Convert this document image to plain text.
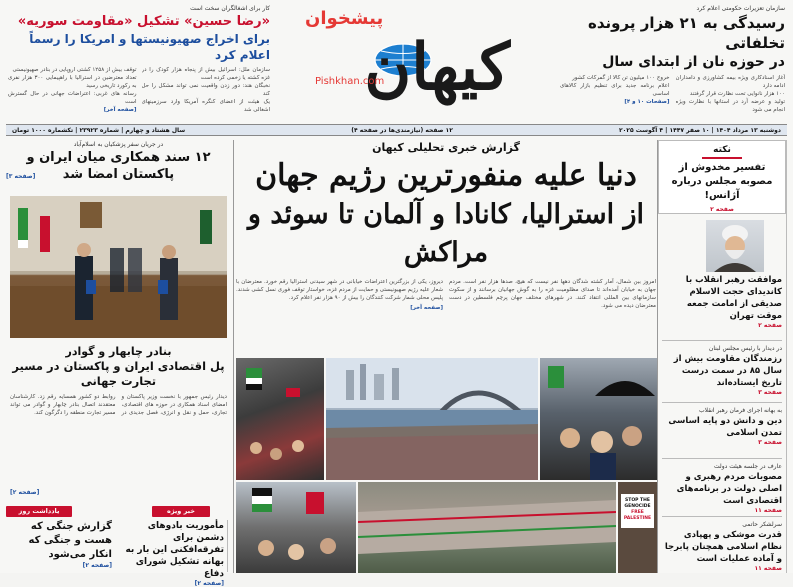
سازمان تعزیرات حکومتی اعلام کرد
رسیدگی به ۲۱ هزار پرونده تخلفاتی
در حوزه نان از ابتدای سال
آغاز اسنادکاری ویژه بیمه کشاورزی و دامداران ادامه دارد
۱۰۰ هزار نانوایی تحت نظارت قرار گرفتند
تولید و عرضه آرد در استانها با نظارت ویژه انجام می شود
خروج ۱۰۰ میلیون تن کالا از گمرکات کشور
اعلام برنامه جدید برای تنظیم بازار کالاهای اساسی
[صفحات ۱۰ و ۴]
کیهان
پیشخوان
Pishkhan.com
کار برای اشغالگران سخت است
«رضا حسین» تشکیل «مقاومت سوریه»
برای اخراج صهیونیستها و امریکا را رسماً اعلام کرد
سازمان ملل: اسرائیل بیش از پنجاه هزار کودک را در غزه کشته یا زخمی کرده است
نخبگان هند: دور زدن واقعیت نمی تواند مشکل را حل کند
یک هیئت از اعضای کنگره آمریکا وارد سرزمینهای اشغالی شد
توقف بیش از ۱۲۵۸ کشتی اروپایی در بنادر صهیونیستی
تعداد معترضین در استرالیا با راهپیمایی ۳۰۰ هزار نفری به رکورد تاریخی رسید
رسانه های غربی: اعتراضات جهانی در حال گسترش است
[صفحه آخر]
دوشنبه ۱۳ مرداد ۱۴۰۴ | ۱۰ صفر ۱۴۴۷ | ۴ آگوست ۲۰۲۵
۱۲ صفحه (نیازمندی‌ها در صفحه ۴)
سال هشتاد و چهارم | شماره ۲۳۹۲۳ | تکشماره ۱۰۰۰ تومان
گزارش خبری تحلیلی کیهان
دنیا علیه منفورترین رژیم جهان
از استرالیا، کانادا و آلمان تا سوئد و مراکش
امروز بین شمال، آمار کشته شدگان دهها نفر نیست که هیچ، صدها هزار نفر است. مردم جهان به خیابان آمده‌اند تا صدای مظلومیت غزه را به گوش جهانیان برسانند و از سکوت سازمانهای بین المللی انتقاد کنند. در شهرهای مختلف جهان پرچم فلسطین در دست معترضان دیده می شود.
دیروز، یکی از بزرگترین اعتراضات خیابانی در شهر سیدنی استرالیا رقم خورد. معترضان با شعار علیه رژیم صهیونیستی و حمایت از مردم غزه، خواستار توقف فوری نسل کشی شدند. پلیس محلی شمار شرکت کنندگان را بیش از ۹۰ هزار نفر اعلام کرد.
[صفحه آخر]
STOP THE GENOCIDE
FREE PALESTINE
نکته
تفسیر مخدوش از مصوبه مجلس درباره آژانس!
صفحه ۲
موافقت رهبر انقلاب با کاندیدای حجت الاسلام صدیقی از امامت جمعه موقت تهران
صفحه ۲
در دیدار با رئیس مجلس لبنان
رزمندگان مقاومت بیش از سال ۸۵ در سمت درست تاریخ ایستاده‌اند
صفحه ۳
به بهانه اجرای فرمان رهبر انقلاب
دین و دانش دو پایه اساسی تمدن اسلامی
صفحه ۳
عارف در جلسه هیئت دولت
مصوبات مردم رهبری و اصلی دولت در برنامه‌های اقتصادی است
صفحه ۱۱
سرلشکر حاتمی
قدرت موشکی و پهپادی نظام اسلامی همچنان پابرجا و آماده عملیات است
صفحه ۱۱
در جریان سفر پزشکیان به اسلام‌آباد
۱۲ سند همکاری میان ایران و پاکستان امضا شد
[صفحه ۳]
بنادر چابهار و گوادر
پل اقتصادی ایران و پاکستان در مسیر تجارت جهانی
دیدار رئیس جمهور با نخست وزیر پاکستان و امضای اسناد همکاری در حوزه های اقتصادی، تجاری، حمل و نقل و انرژی، فصل جدیدی در روابط دو کشور همسایه رقم زد. کارشناسان معتقدند اتصال بنادر چابهار و گوادر می تواند مسیر تجارت منطقه را دگرگون کند.
[صفحه ۲]
یادداشت روز	خبر ویژه
گزارش جنگی که هست و جنگی که انکار می‌شود
[صفحه ۲]
مأموریت بادوهای دشمن برای تفرقه‌افکنی این بار به بهانه تشکیل شورای دفاع
[صفحه ۲]
